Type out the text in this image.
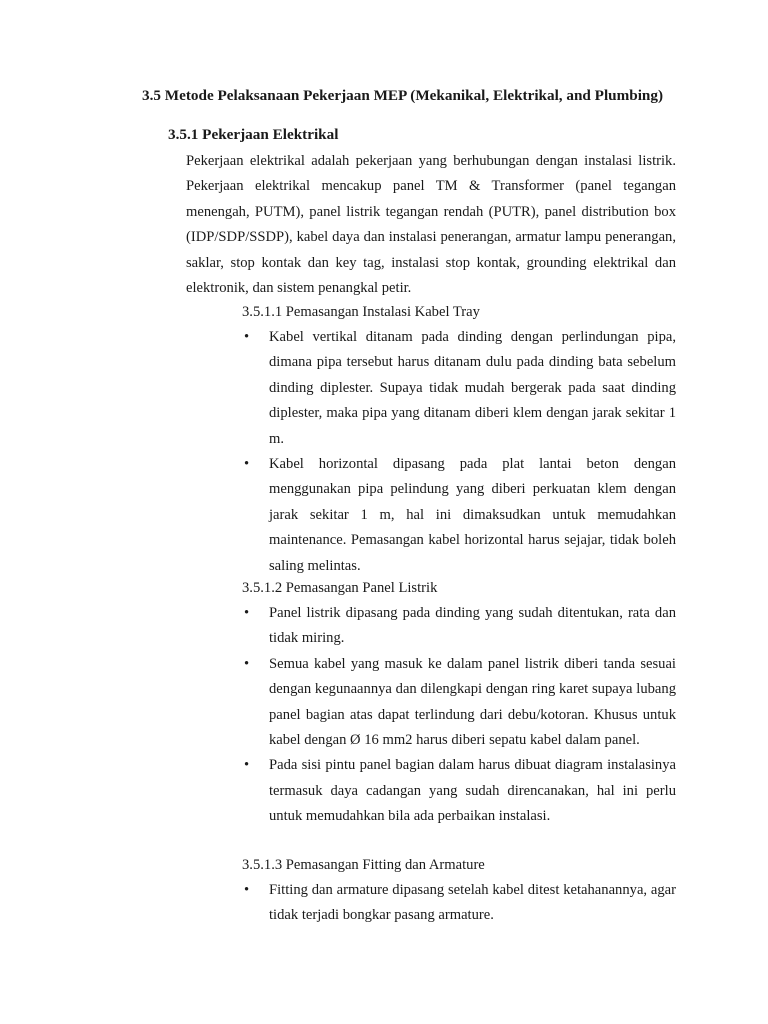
3.5 Metode Pelaksanaan Pekerjaan MEP (Mekanikal, Elektrikal, and Plumbing)
3.5.1 Pekerjaan Elektrikal

Pekerjaan elektrikal adalah pekerjaan yang berhubungan dengan instalasi listrik. Pekerjaan elektrikal mencakup panel TM & Transformer (panel tegangan menengah, PUTM), panel listrik tegangan rendah (PUTR), panel distribution box (IDP/SDP/SSDP), kabel daya dan instalasi penerangan, armatur lampu penerangan, saklar, stop kontak dan key tag, instalasi stop kontak, grounding elektrikal dan elektronik, dan sistem penangkal petir.

3.5.1.1 Pemasangan Instalasi Kabel Tray
• Kabel vertikal ditanam pada dinding dengan perlindungan pipa, dimana pipa tersebut harus ditanam dulu pada dinding bata sebelum dinding diplester. Supaya tidak mudah bergerak pada saat dinding diplester, maka pipa yang ditanam diberi klem dengan jarak sekitar 1 m.
• Kabel horizontal dipasang pada plat lantai beton dengan menggunakan pipa pelindung yang diberi perkuatan klem dengan jarak sekitar 1 m, hal ini dimaksudkan untuk memudahkan maintenance. Pemasangan kabel horizontal harus sejajar, tidak boleh saling melintas.
3.5.1.2 Pemasangan Panel Listrik
• Panel listrik dipasang pada dinding yang sudah ditentukan, rata dan tidak miring.
• Semua kabel yang masuk ke dalam panel listrik diberi tanda sesuai dengan kegunaannya dan dilengkapi dengan ring karet supaya lubang panel bagian atas dapat terlindung dari debu/kotoran. Khusus untuk kabel dengan Ø 16 mm2 harus diberi sepatu kabel dalam panel.
• Pada sisi pintu panel bagian dalam harus dibuat diagram instalasinya termasuk daya cadangan yang sudah direncanakan, hal ini perlu untuk memudahkan bila ada perbaikan instalasi.
3.5.1.3 Pemasangan Fitting dan Armature
• Fitting dan armature dipasang setelah kabel ditest ketahanannya, agar tidak terjadi bongkar pasang armature.
